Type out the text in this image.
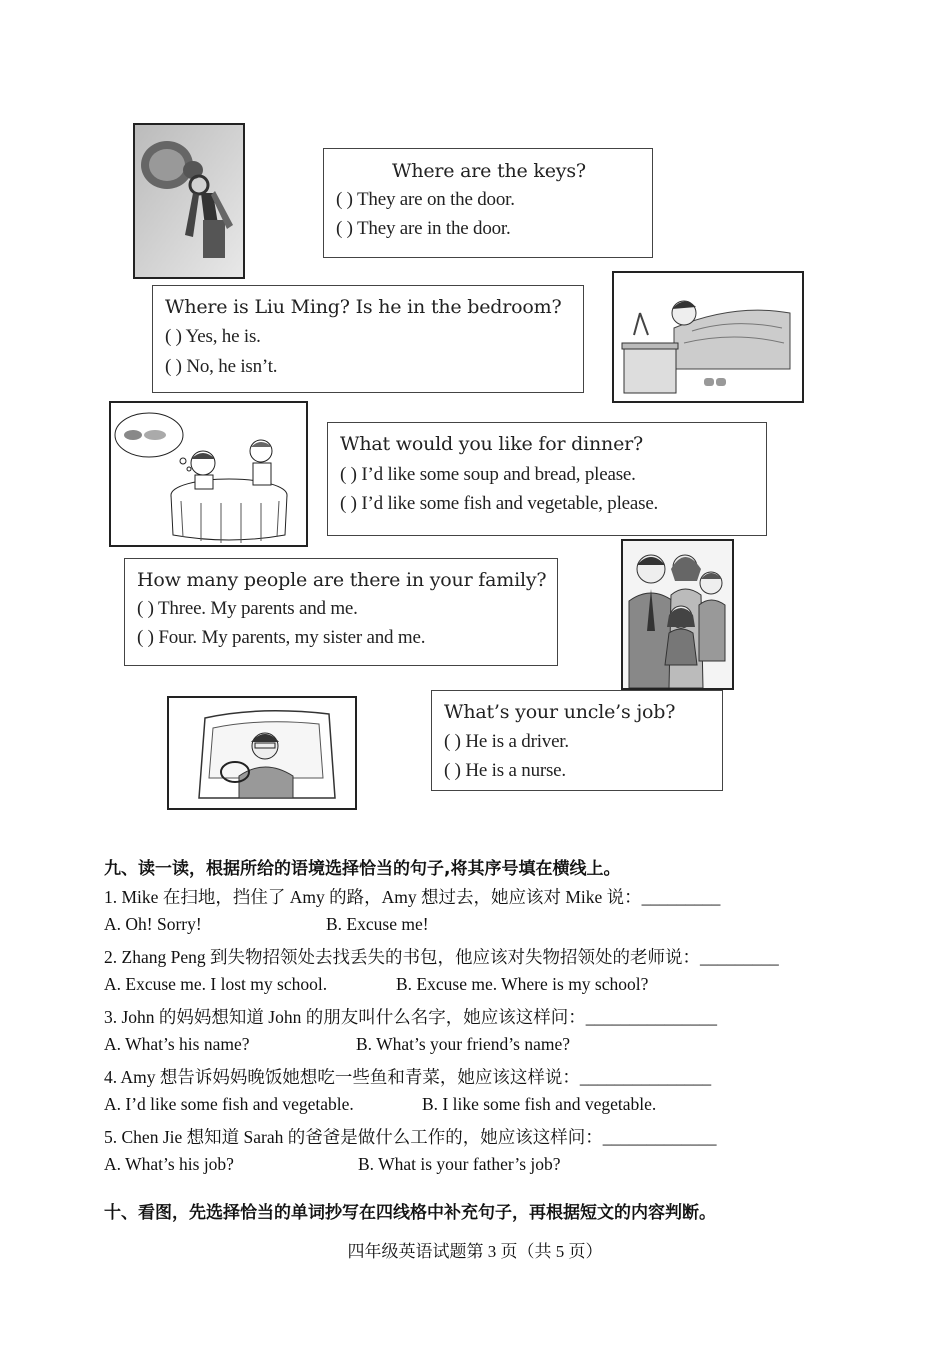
Where are the keys?
( ) They are on the door.
( ) They are in the door.
Where is Liu Ming? Is he in the bedroom?
( ) Yes, he is.
( ) No, he isn’t.
What would you like for dinner?
( ) I’d like some soup and bread, please.
( ) I’d like some fish and vegetable, please.
How many people are there in your family?
( ) Three. My parents and me.
( ) Four. My parents, my sister and me.
What’s your uncle’s job?
( ) He is a driver.
( ) He is a nurse.
九、读一读，根据所给的语境选择恰当的句子,将其序号填在横线上。
1. Mike 在扫地，挡住了 Amy 的路，Amy 想过去，她应该对 Mike 说：_________
A. Oh! Sorry!	B. Excuse me!
2. Zhang Peng 到失物招领处去找丢失的书包，他应该对失物招领处的老师说：_________
A. Excuse me. I lost my school.	B. Excuse me. Where is my school?
3. John 的妈妈想知道 John 的朋友叫什么名字，她应该这样问：_______________
A. What’s his name?	B. What’s your friend’s name?
4. Amy 想告诉妈妈晚饭她想吃一些鱼和青菜，她应该这样说：_______________
A. I’d like some fish and vegetable.	B. I like some fish and vegetable.
5. Chen Jie 想知道 Sarah 的爸爸是做什么工作的，她应该这样问：_____________
A. What’s his job?	B. What is your father’s job?
十、看图，先选择恰当的单词抄写在四线格中补充句子，再根据短文的内容判断。
四年级英语试题第 3 页（共 5 页）
